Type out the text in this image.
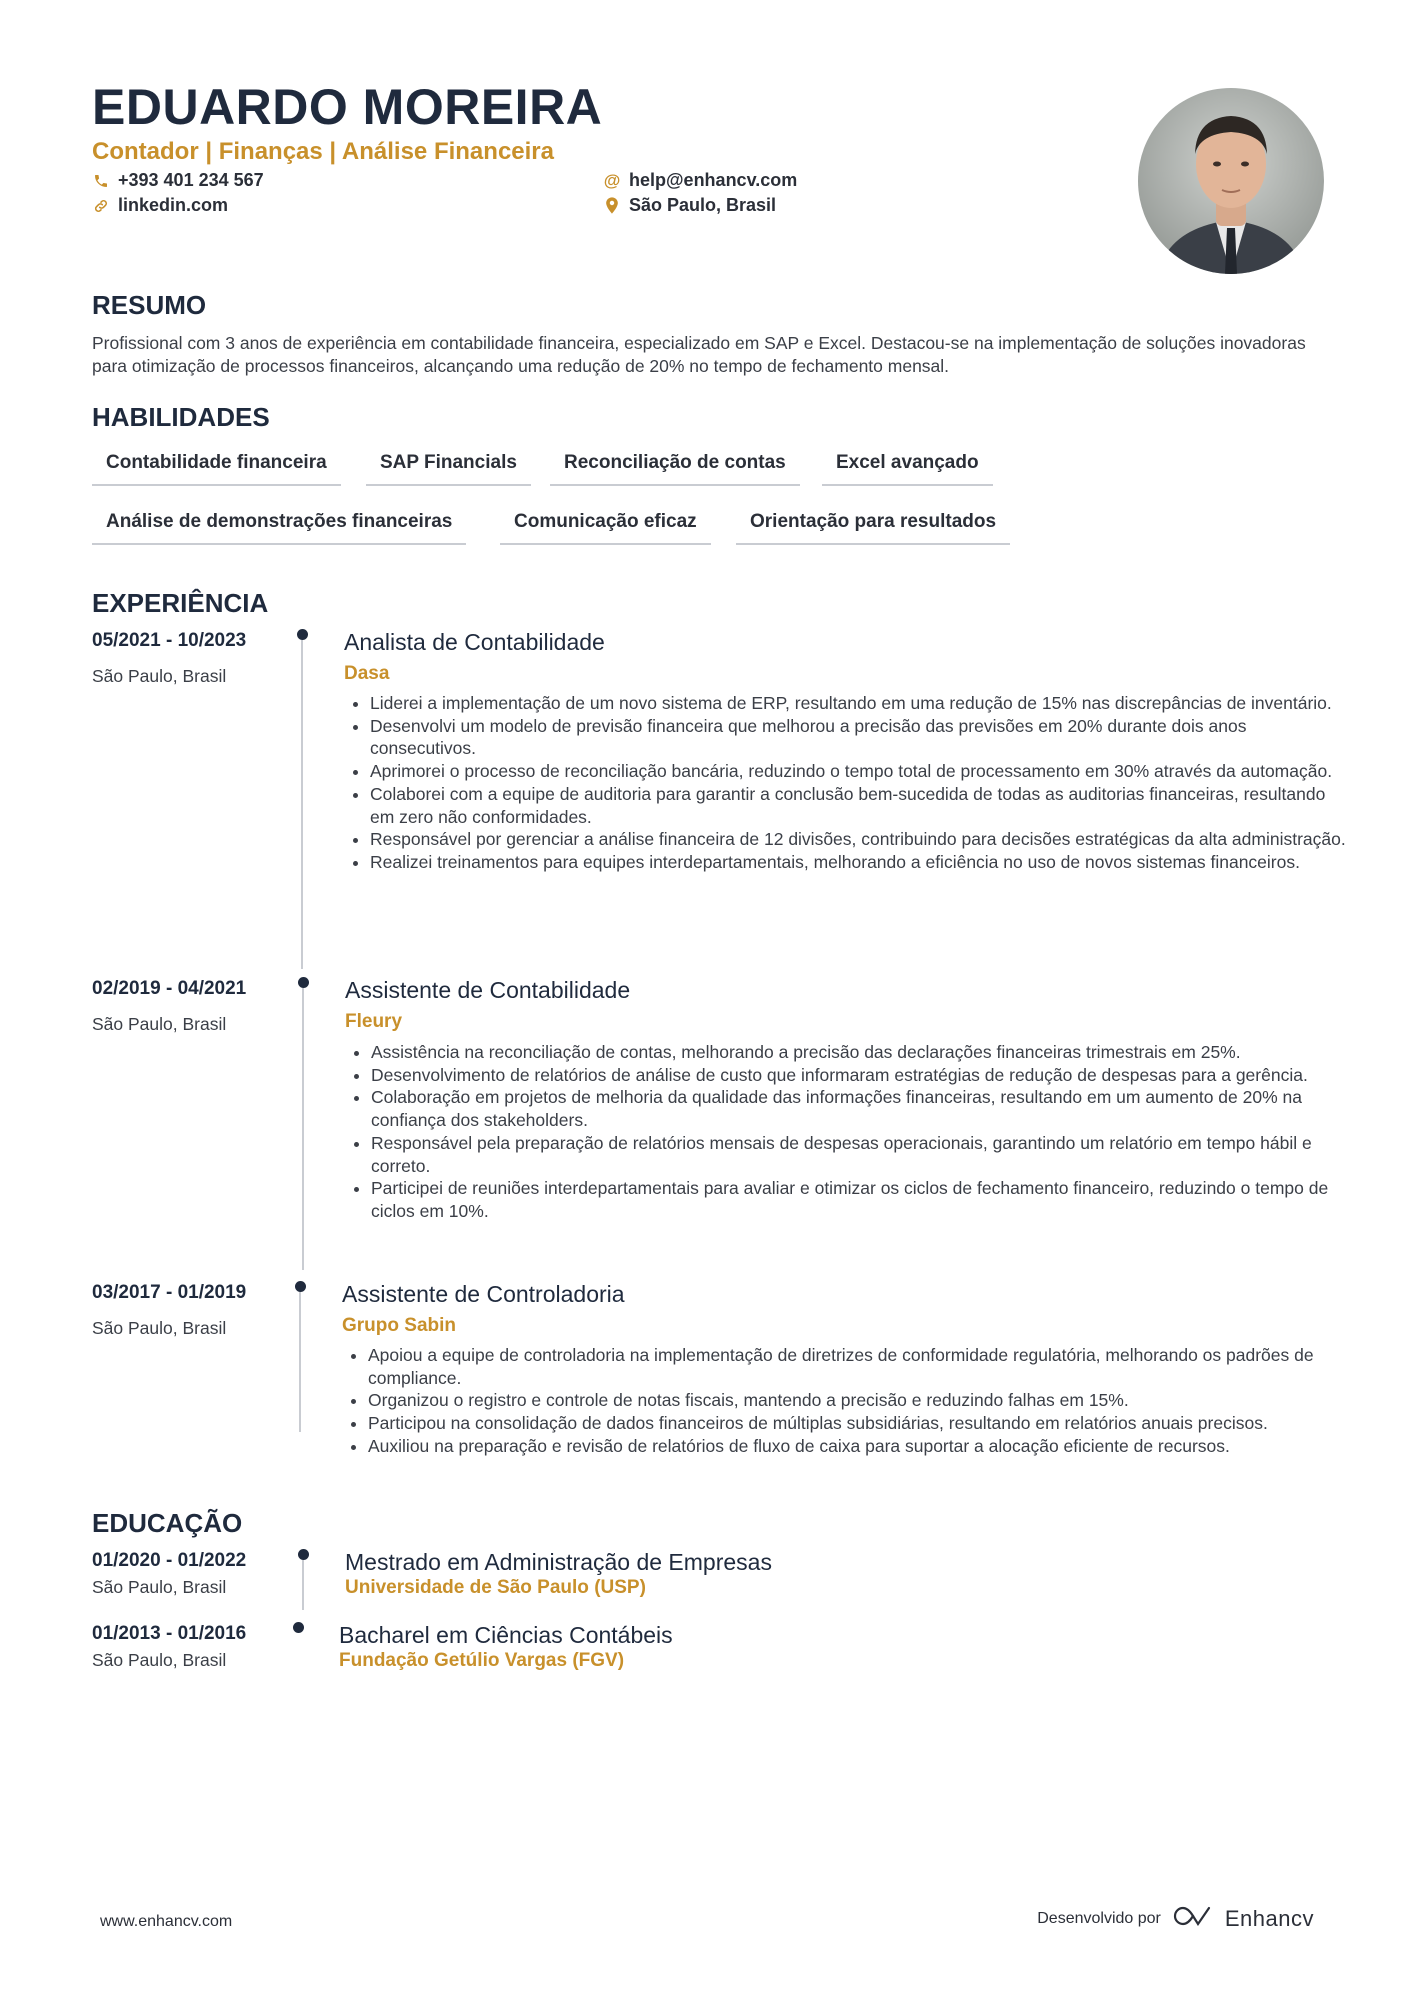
EDUARDO MOREIRA
Contador | Finanças | Análise Financeira
+393 401 234 567	@ help@enhancv.com
linkedin.com	São Paulo, Brasil
RESUMO
Profissional com 3 anos de experiência em contabilidade financeira, especializado em SAP e Excel. Destacou-se na implementação de soluções inovadoras para otimização de processos financeiros, alcançando uma redução de 20% no tempo de fechamento mensal.
HABILIDADES
Contabilidade financeira	SAP Financials	Reconciliação de contas	Excel avançado
Análise de demonstrações financeiras	Comunicação eficaz	Orientação para resultados
EXPERIÊNCIA
05/2021 - 10/2023
São Paulo, Brasil
Analista de Contabilidade
Dasa
• Liderei a implementação de um novo sistema de ERP, resultando em uma redução de 15% nas discrepâncias de inventário.
• Desenvolvi um modelo de previsão financeira que melhorou a precisão das previsões em 20% durante dois anos consecutivos.
• Aprimorei o processo de reconciliação bancária, reduzindo o tempo total de processamento em 30% através da automação.
• Colaborei com a equipe de auditoria para garantir a conclusão bem-sucedida de todas as auditorias financeiras, resultando em zero não conformidades.
• Responsável por gerenciar a análise financeira de 12 divisões, contribuindo para decisões estratégicas da alta administração.
• Realizei treinamentos para equipes interdepartamentais, melhorando a eficiência no uso de novos sistemas financeiros.
02/2019 - 04/2021
São Paulo, Brasil
Assistente de Contabilidade
Fleury
• Assistência na reconciliação de contas, melhorando a precisão das declarações financeiras trimestrais em 25%.
• Desenvolvimento de relatórios de análise de custo que informaram estratégias de redução de despesas para a gerência.
• Colaboração em projetos de melhoria da qualidade das informações financeiras, resultando em um aumento de 20% na confiança dos stakeholders.
• Responsável pela preparação de relatórios mensais de despesas operacionais, garantindo um relatório em tempo hábil e correto.
• Participei de reuniões interdepartamentais para avaliar e otimizar os ciclos de fechamento financeiro, reduzindo o tempo de ciclos em 10%.
03/2017 - 01/2019
São Paulo, Brasil
Assistente de Controladoria
Grupo Sabin
• Apoiou a equipe de controladoria na implementação de diretrizes de conformidade regulatória, melhorando os padrões de compliance.
• Organizou o registro e controle de notas fiscais, mantendo a precisão e reduzindo falhas em 15%.
• Participou na consolidação de dados financeiros de múltiplas subsidiárias, resultando em relatórios anuais precisos.
• Auxiliou na preparação e revisão de relatórios de fluxo de caixa para suportar a alocação eficiente de recursos.
EDUCAÇÃO
01/2020 - 01/2022
São Paulo, Brasil
Mestrado em Administração de Empresas
Universidade de São Paulo (USP)
01/2013 - 01/2016
São Paulo, Brasil
Bacharel em Ciências Contábeis
Fundação Getúlio Vargas (FGV)
www.enhancv.com	Desenvolvido por	Enhancv
